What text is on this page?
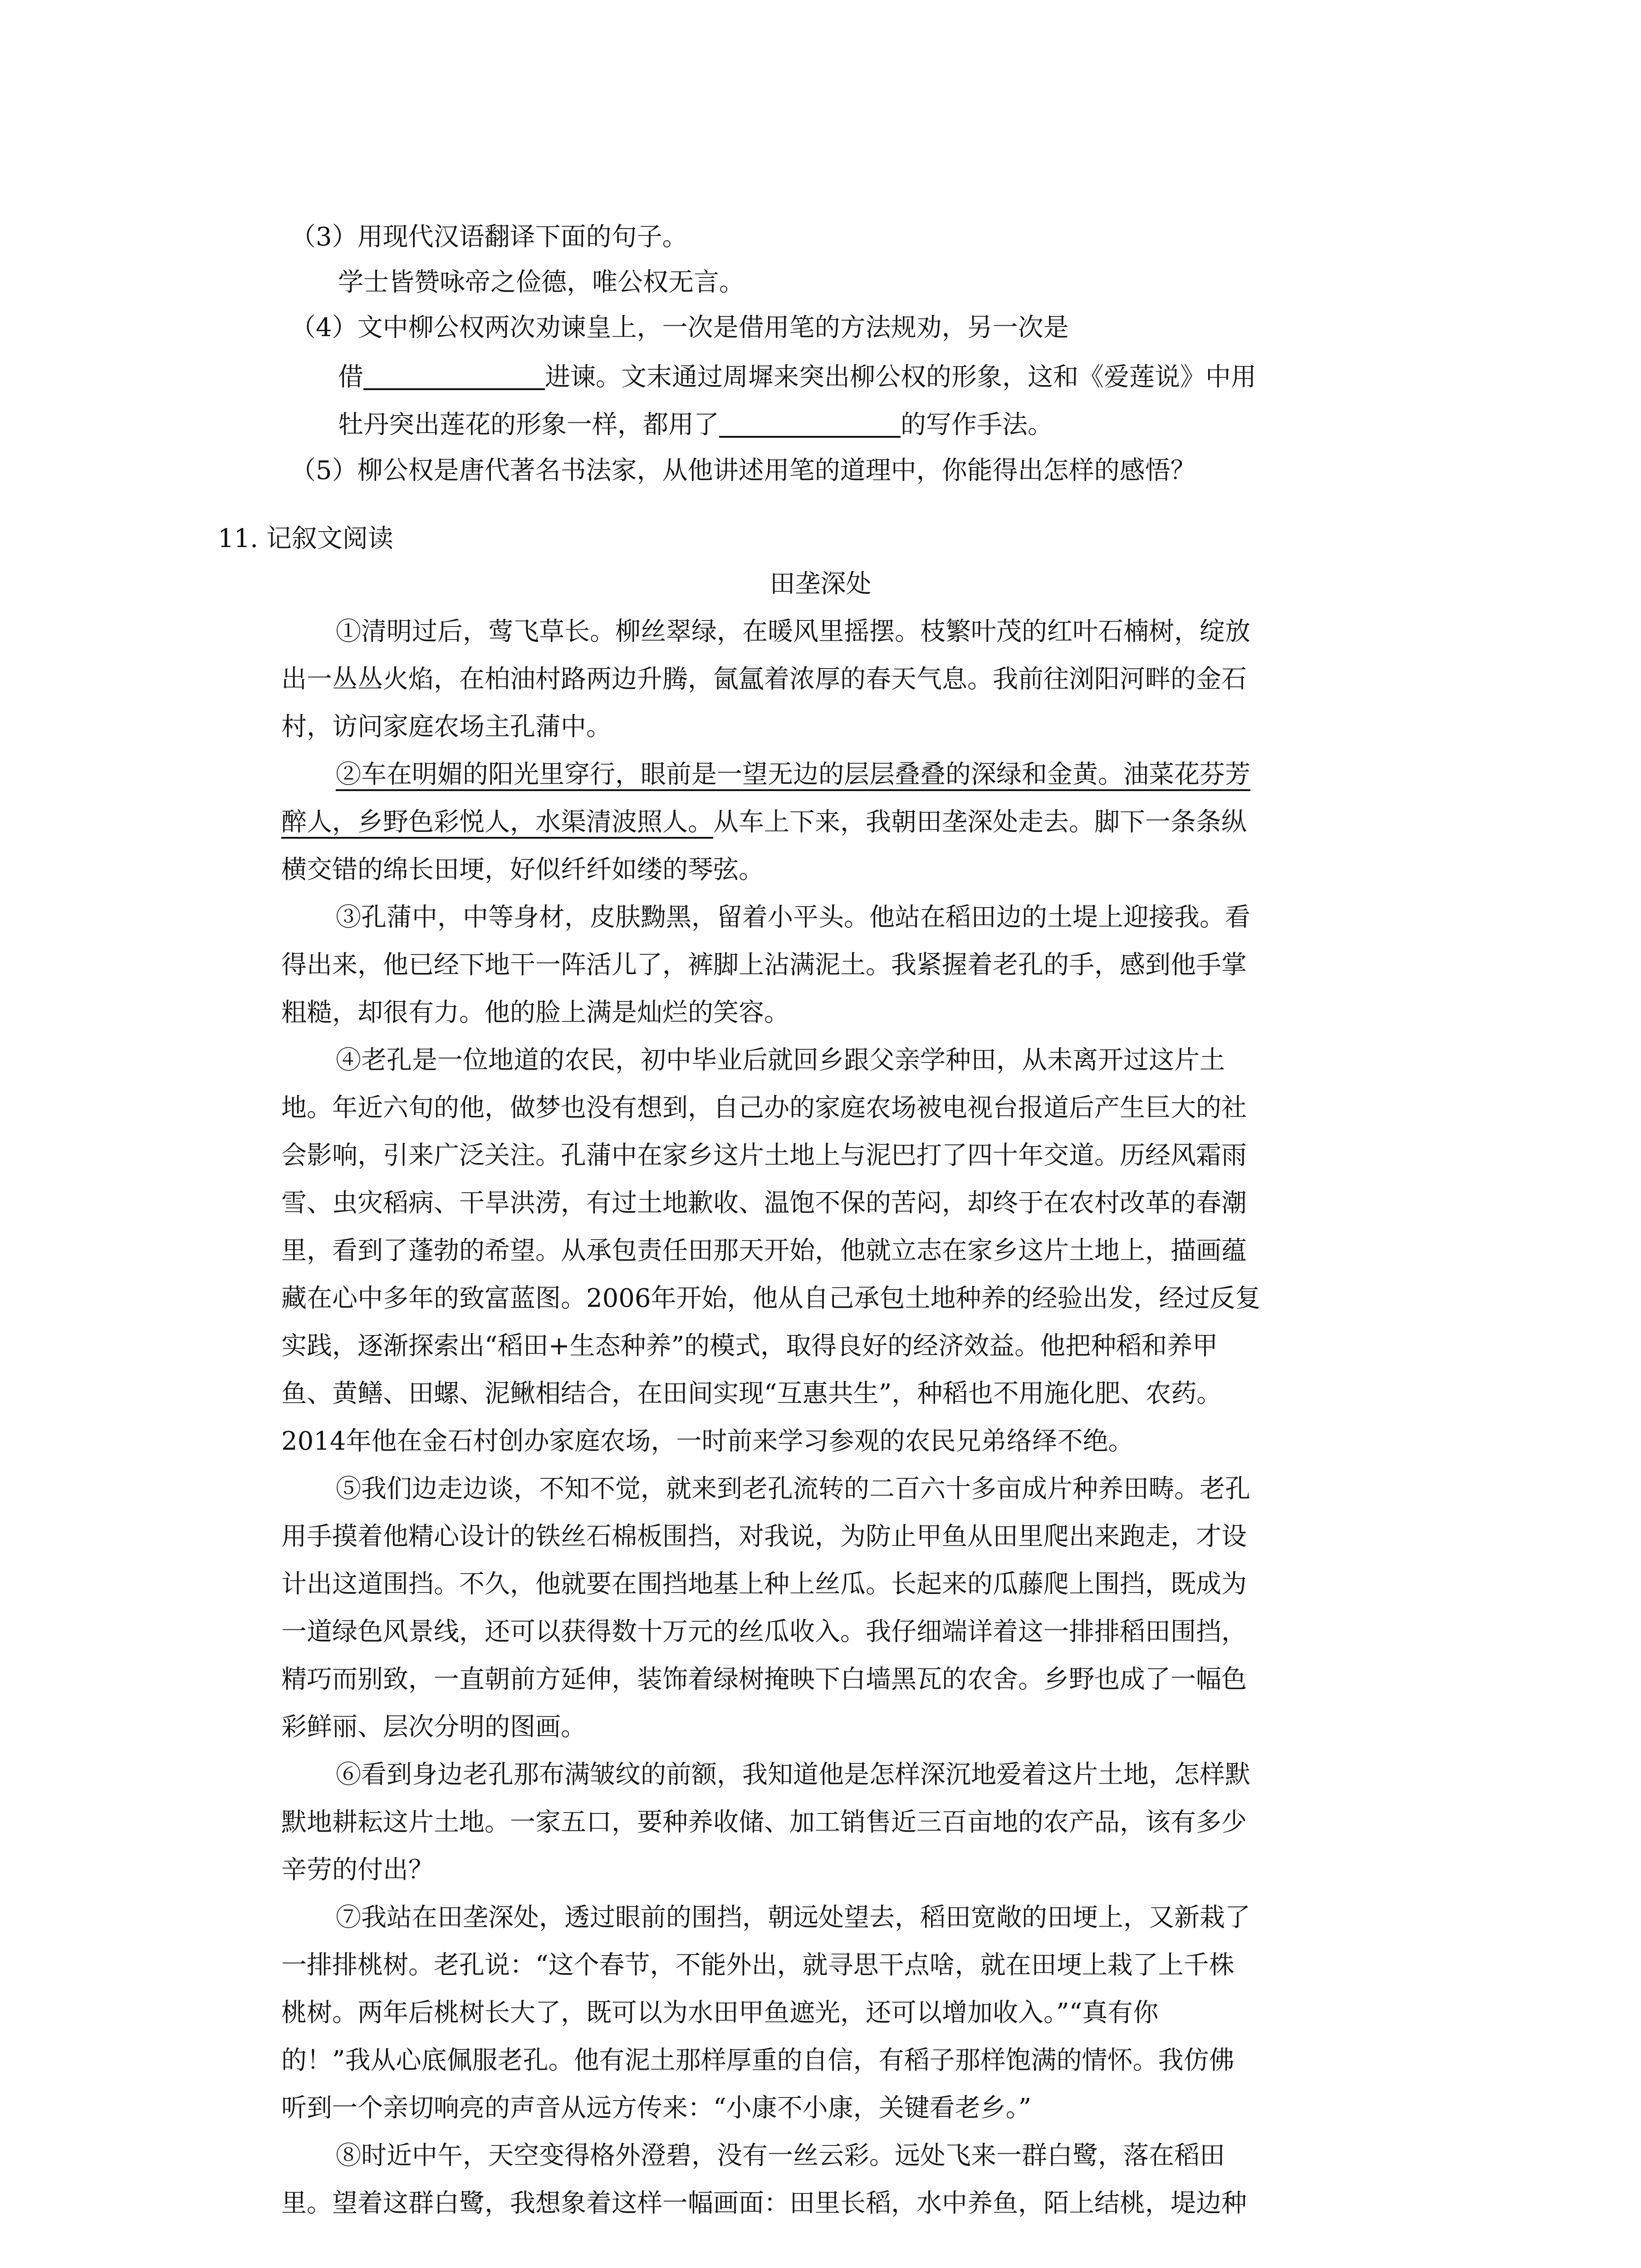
（3）用现代汉语翻译下面的句子。

学士皆赞咏帝之俭德，唯公权无言。

（4）文中柳公权两次劝谏皇上，一次是借用笔的方法规劝，另一次是

借	进谏。文末通过周墀来突出柳公权的形象，这和《爱莲说》中用

牡丹突出莲花的形象一样，都用了	的写作手法。

（5）柳公权是唐代著名书法家，从他讲述用笔的道理中，你能得出怎样的感悟？

11. 记叙文阅读

田垄深处

①清明过后，莺飞草长。柳丝翠绿，在暖风里摇摆。枝繁叶茂的红叶石楠树，绽放

出一丛丛火焰，在柏油村路两边升腾，氤氲着浓厚的春天气息。我前往浏阳河畔的金石

村，访问家庭农场主孔蒲中。

②车在明媚的阳光里穿行，眼前是一望无边的层层叠叠的深绿和金黄。油菜花芬芳

醉人，乡野色彩悦人，水渠清波照人。从车上下来，我朝田垄深处走去。脚下一条条纵

横交错的绵长田埂，好似纤纤如缕的琴弦。

③孔蒲中，中等身材，皮肤黝黑，留着小平头。他站在稻田边的土堤上迎接我。看

得出来，他已经下地干一阵活儿了，裤脚上沾满泥土。我紧握着老孔的手，感到他手掌

粗糙，却很有力。他的脸上满是灿烂的笑容。

④老孔是一位地道的农民，初中毕业后就回乡跟父亲学种田，从未离开过这片土

地。年近六旬的他，做梦也没有想到，自己办的家庭农场被电视台报道后产生巨大的社

会影响，引来广泛关注。孔蒲中在家乡这片土地上与泥巴打了四十年交道。历经风霜雨

雪、虫灾稻病、干旱洪涝，有过土地歉收、温饱不保的苦闷，却终于在农村改革的春潮

里，看到了蓬勃的希望。从承包责任田那天开始，他就立志在家乡这片土地上，描画蕴

藏在心中多年的致富蓝图。2006年开始，他从自己承包土地种养的经验出发，经过反复

实践，逐渐探索出“稻田+生态种养”的模式，取得良好的经济效益。他把种稻和养甲

鱼、黄鳝、田螺、泥鳅相结合，在田间实现“互惠共生”，种稻也不用施化肥、农药。

2014年他在金石村创办家庭农场，一时前来学习参观的农民兄弟络绎不绝。

⑤我们边走边谈，不知不觉，就来到老孔流转的二百六十多亩成片种养田畴。老孔

用手摸着他精心设计的铁丝石棉板围挡，对我说，为防止甲鱼从田里爬出来跑走，才设

计出这道围挡。不久，他就要在围挡地基上种上丝瓜。长起来的瓜藤爬上围挡，既成为

一道绿色风景线，还可以获得数十万元的丝瓜收入。我仔细端详着这一排排稻田围挡，

精巧而别致，一直朝前方延伸，装饰着绿树掩映下白墙黑瓦的农舍。乡野也成了一幅色

彩鲜丽、层次分明的图画。

⑥看到身边老孔那布满皱纹的前额，我知道他是怎样深沉地爱着这片土地，怎样默

默地耕耘这片土地。一家五口，要种养收储、加工销售近三百亩地的农产品，该有多少

辛劳的付出？

⑦我站在田垄深处，透过眼前的围挡，朝远处望去，稻田宽敞的田埂上，又新栽了

一排排桃树。老孔说：“这个春节，不能外出，就寻思干点啥，就在田埂上栽了上千株

桃树。两年后桃树长大了，既可以为水田甲鱼遮光，还可以增加收入。”“真有你

的！”我从心底佩服老孔。他有泥土那样厚重的自信，有稻子那样饱满的情怀。我仿佛

听到一个亲切响亮的声音从远方传来：“小康不小康，关键看老乡。”

⑧时近中午，天空变得格外澄碧，没有一丝云彩。远处飞来一群白鹭，落在稻田

里。望着这群白鹭，我想象着这样一幅画面：田里长稻，水中养鱼，陌上结桃，堤边种
